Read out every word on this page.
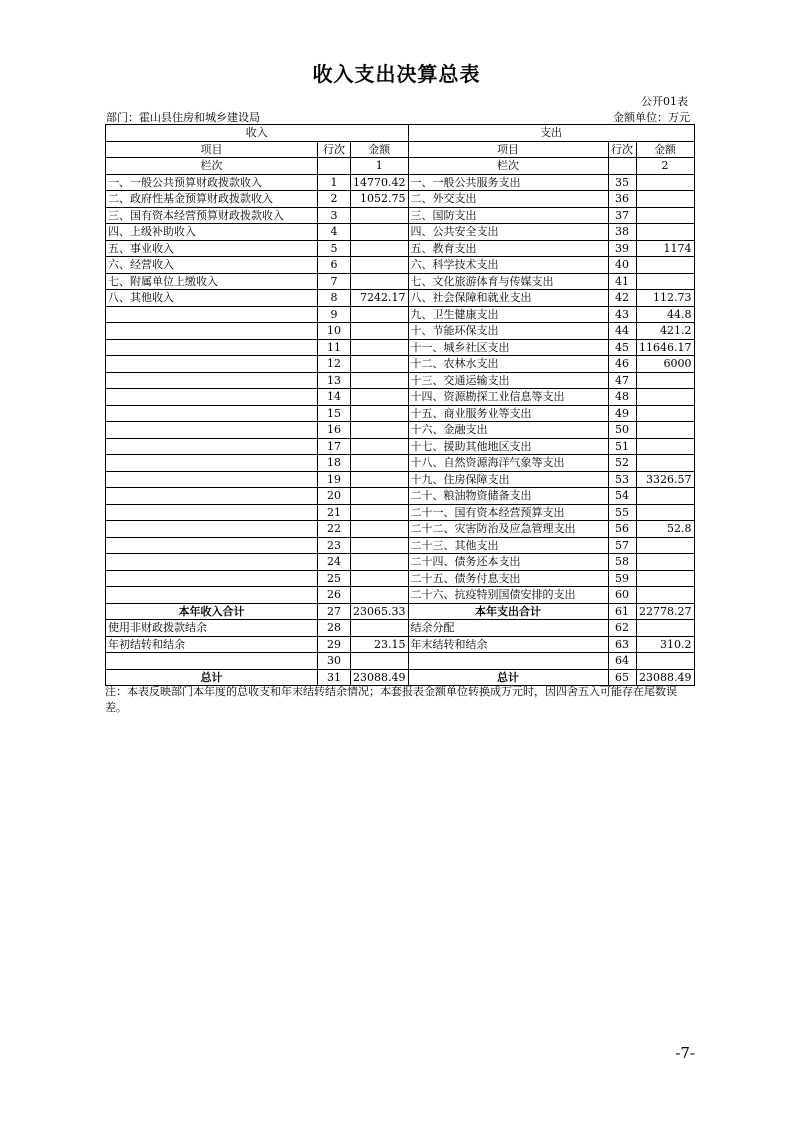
收入支出决算总表
公开01表
部门：霍山县住房和城乡建设局	金额单位：万元
收入			支出		
项目	行次	金额	项目	行次	金额
栏次		1	栏次		2
一、一般公共预算财政拨款收入	1	14770.42	一、一般公共服务支出	35	
二、政府性基金预算财政拨款收入	2	1052.75	二、外交支出	36	
三、国有资本经营预算财政拨款收入	3		三、国防支出	37	
四、上级补助收入	4		四、公共安全支出	38	
五、事业收入	5		五、教育支出	39	1174
六、经营收入	6		六、科学技术支出	40	
七、附属单位上缴收入	7		七、文化旅游体育与传媒支出	41	
八、其他收入	8	7242.17	八、社会保障和就业支出	42	112.73
	9		九、卫生健康支出	43	44.8
	10		十、节能环保支出	44	421.2
	11		十一、城乡社区支出	45	11646.17
	12		十二、农林水支出	46	6000
	13		十三、交通运输支出	47	
	14		十四、资源勘探工业信息等支出	48	
	15		十五、商业服务业等支出	49	
	16		十六、金融支出	50	
	17		十七、援助其他地区支出	51	
	18		十八、自然资源海洋气象等支出	52	
	19		十九、住房保障支出	53	3326.57
	20		二十、粮油物资储备支出	54	
	21		二十一、国有资本经营预算支出	55	
	22		二十二、灾害防治及应急管理支出	56	52.8
	23		二十三、其他支出	57	
	24		二十四、债务还本支出	58	
	25		二十五、债务付息支出	59	
	26		二十六、抗疫特别国债安排的支出	60	
本年收入合计	27	23065.33	本年支出合计	61	22778.27
使用非财政拨款结余	28		结余分配	62	
年初结转和结余	29	23.15	年末结转和结余	63	310.2
	30			64	
总计	31	23088.49	总计	65	23088.49
注：本表反映部门本年度的总收支和年末结转结余情况；本套报表金额单位转换成万元时，因四舍五入可能存在尾数误差。
-7-
